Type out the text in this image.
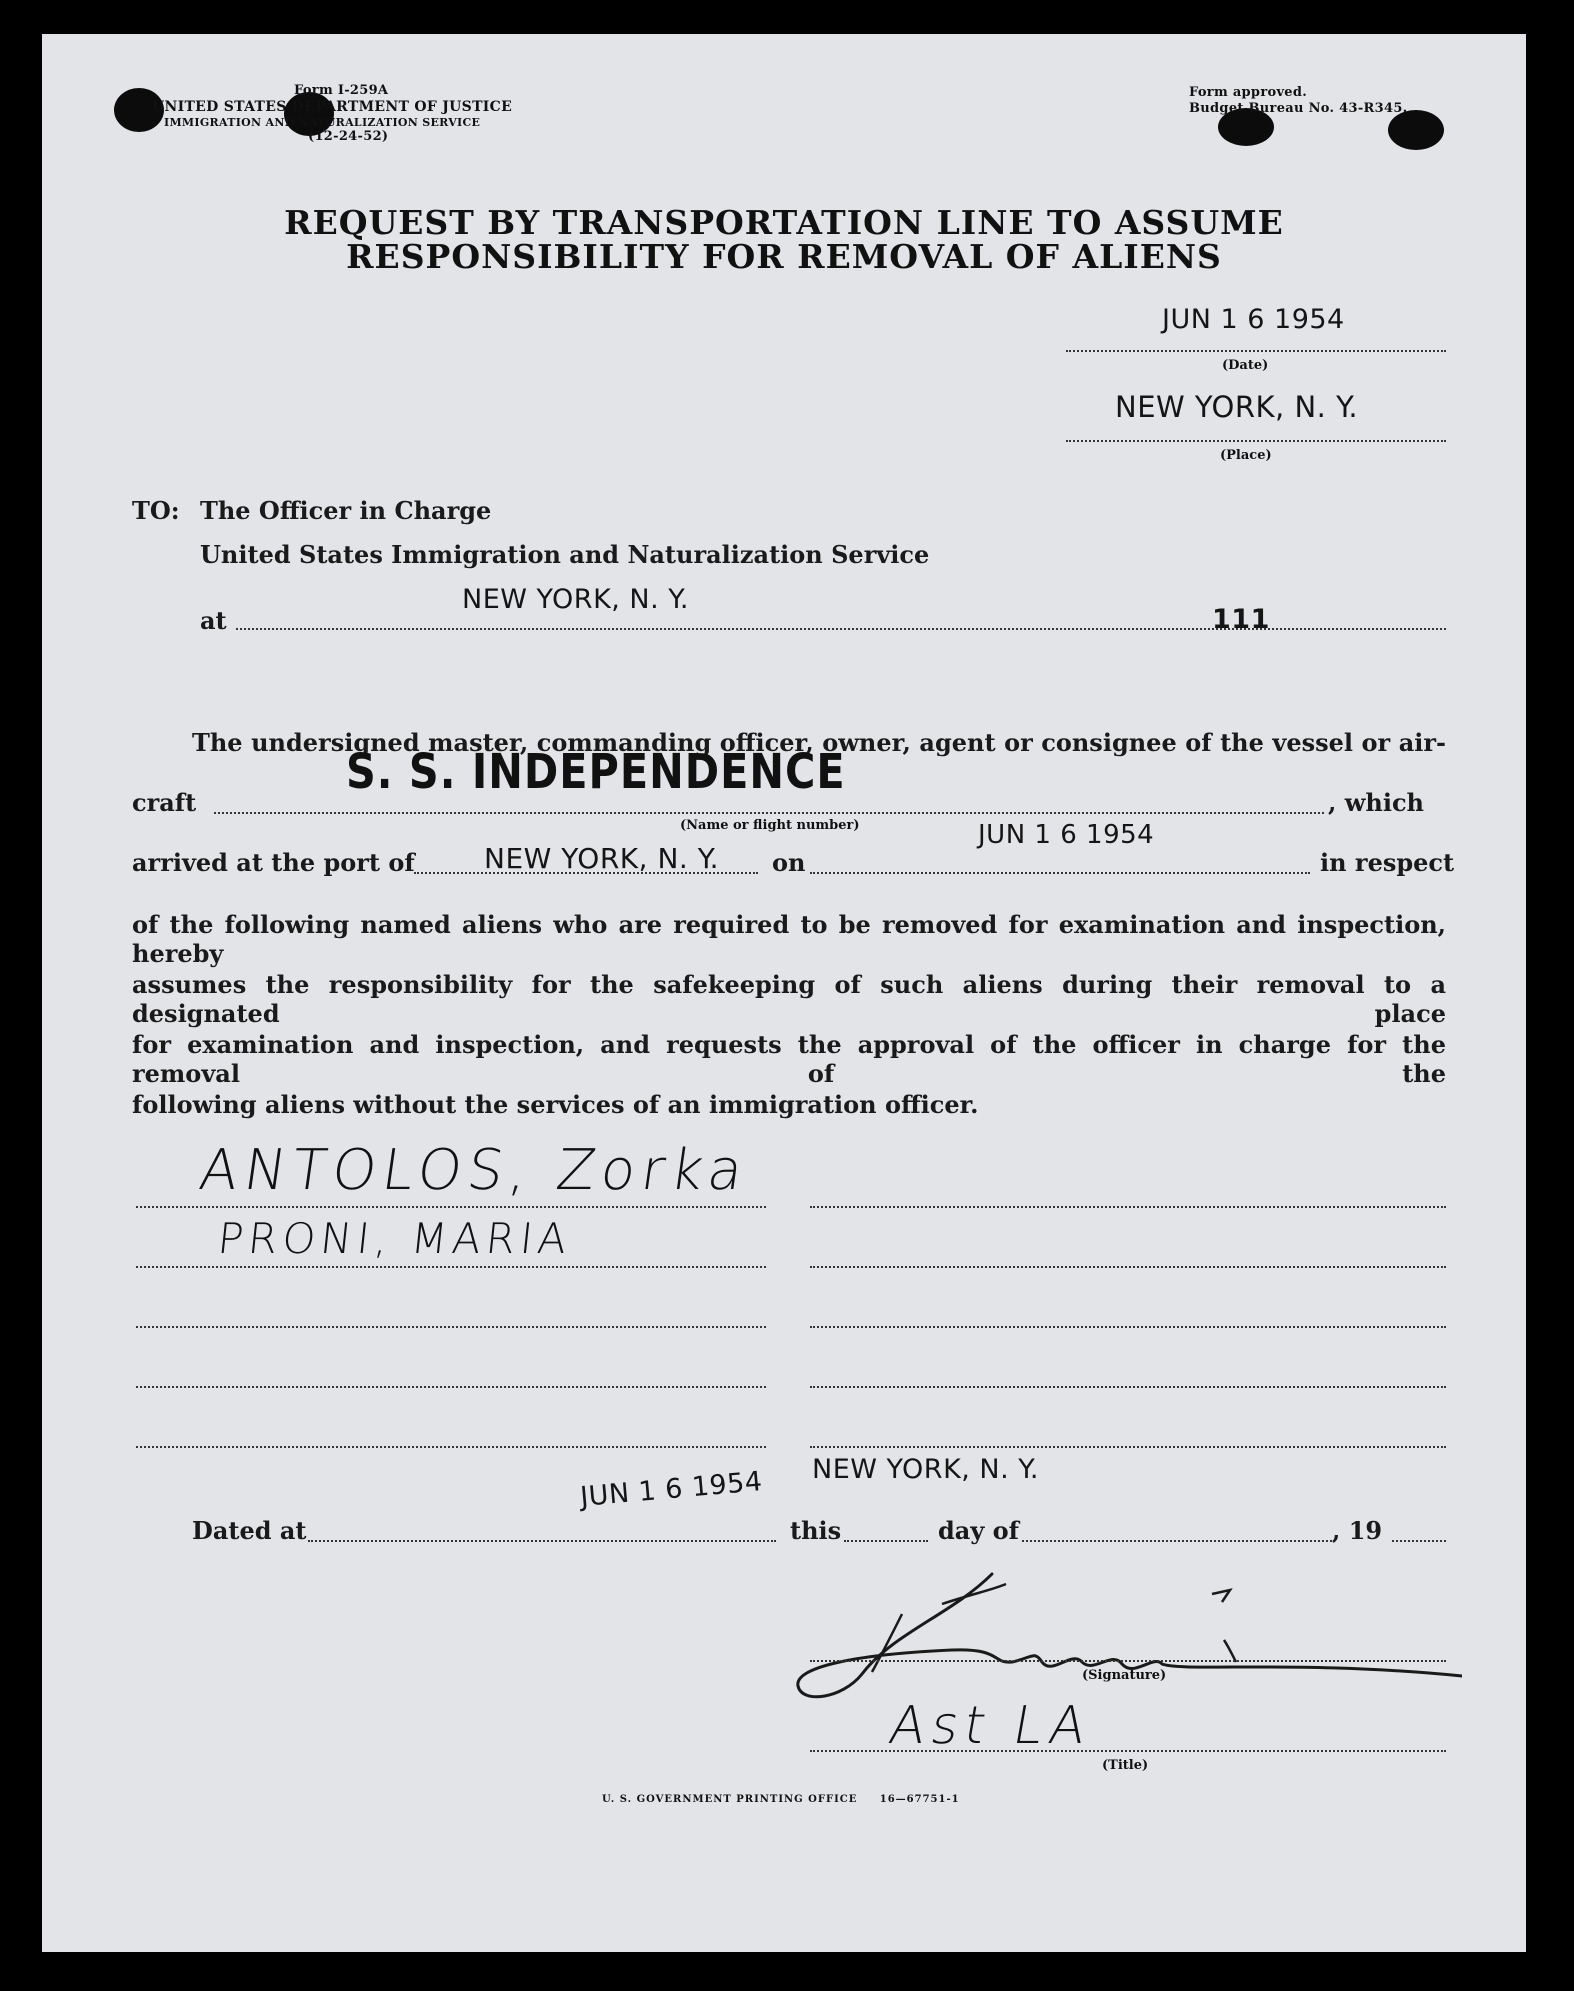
Form I-259A
UNITED STATES DEPARTMENT OF JUSTICE
IMMIGRATION AND NATURALIZATION SERVICE
(12-24-52)
Form approved.
Budget Bureau No. 43-R345.
REQUEST BY TRANSPORTATION LINE TO ASSUME
RESPONSIBILITY FOR REMOVAL OF ALIENS
JUN 1 6 1954
(Date)
NEW YORK, N. Y.
(Place)
TO: The Officer in Charge
United States Immigration and Naturalization Service
at
NEW YORK, N. Y.
111
The undersigned master, commanding officer, owner, agent or consignee of the vessel or air-
craft
S. S. INDEPENDENCE
, which
(Name or flight number)
arrived at the port of NEW YORK, N. Y. on
JUN 1 6 1954
in respect
of the following named aliens who are required to be removed for examination and inspection, hereby
assumes the responsibility for the safekeeping of such aliens during their removal to a designated place
for examination and inspection, and requests the approval of the officer in charge for the removal of the
following aliens without the services of an immigration officer.
ANTOLOS, Zorka
PRONI, MARIA
NEW YORK, N. Y.
JUN 1 6 1954
Dated at	this	day of	, 19
(Signature)
Ast LA
(Title)
U. S. GOVERNMENT PRINTING OFFICE     16—67751-1
